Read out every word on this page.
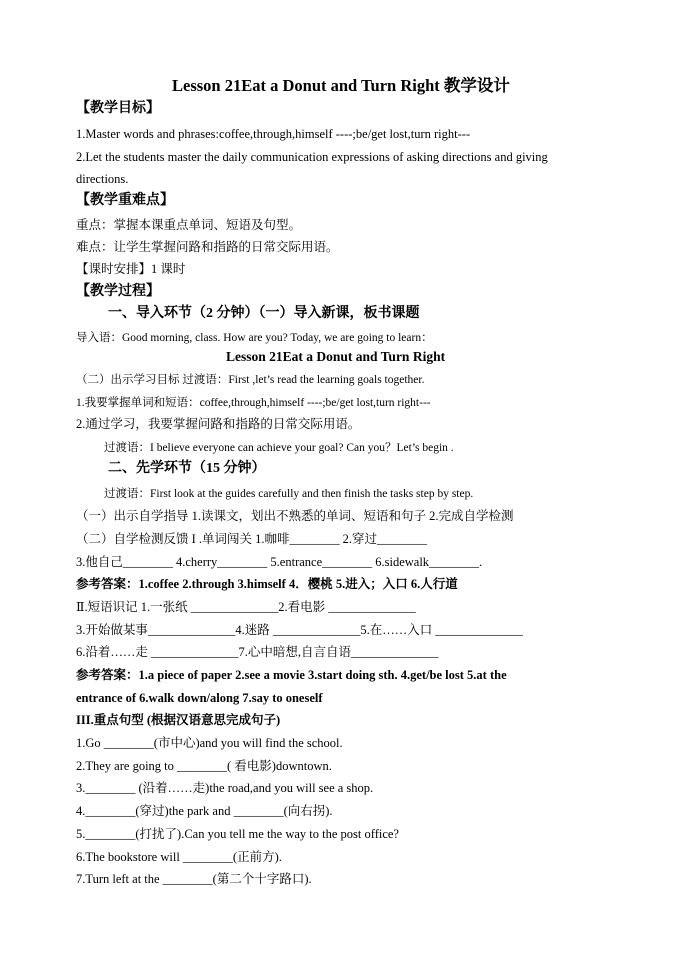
Lesson 21Eat a Donut and Turn Right 教学设计
【教学目标】
1.Master words and phrases:coffee,through,himself ----;be/get lost,turn right---
2.Let the students master the daily communication expressions of asking directions and giving
directions.
【教学重难点】
重点：掌握本课重点单词、短语及句型。
难点：让学生掌握问路和指路的日常交际用语。
【课时安排】1 课时
【教学过程】
一、导入环节（2 分钟）（一）导入新课，板书课题
导入语：Good morning, class. How are you? Today, we are going to learn：
Lesson 21Eat a Donut and Turn Right
（二）出示学习目标 过渡语：First ,let’s read the learning goals together.
1.我要掌握单词和短语：coffee,through,himself ----;be/get lost,turn right---
2.通过学习，我要掌握问路和指路的日常交际用语。
过渡语：I believe everyone can achieve your goal? Can you？Let’s begin .
二、先学环节（15 分钟）
过渡语：First look at the guides carefully and then finish the tasks step by step.
（一）出示自学指导 1.读课文，划出不熟悉的单词、短语和句子 2.完成自学检测
（二）自学检测反馈 I .单词闯关 1.咖啡________ 2.穿过________
3.他自己________ 4.cherry________ 5.entrance________ 6.sidewalk________.
参考答案：1.coffee 2.through 3.himself 4．樱桃 5.进入；入口 6.人行道
Ⅱ.短语识记 1.一张纸 ______________2.看电影 ______________
3.开始做某事______________4.迷路 ______________5.在……入口 ______________
6.沿着……走 ______________7.心中暗想,自言自语______________
参考答案：1.a piece of paper 2.see a movie 3.start doing sth. 4.get/be lost 5.at the
entrance of 6.walk down/along 7.say to oneself
III.重点句型 (根据汉语意思完成句子)
1.Go ________(市中心)and you will find the school.
2.They are going to ________( 看电影)downtown.
3.________ (沿着……走)the road,and you will see a shop.
4.________(穿过)the park and ________(向右拐).
5.________(打扰了).Can you tell me the way to the post office?
6.The bookstore will ________(正前方).
7.Turn left at the ________(第二个十字路口).
